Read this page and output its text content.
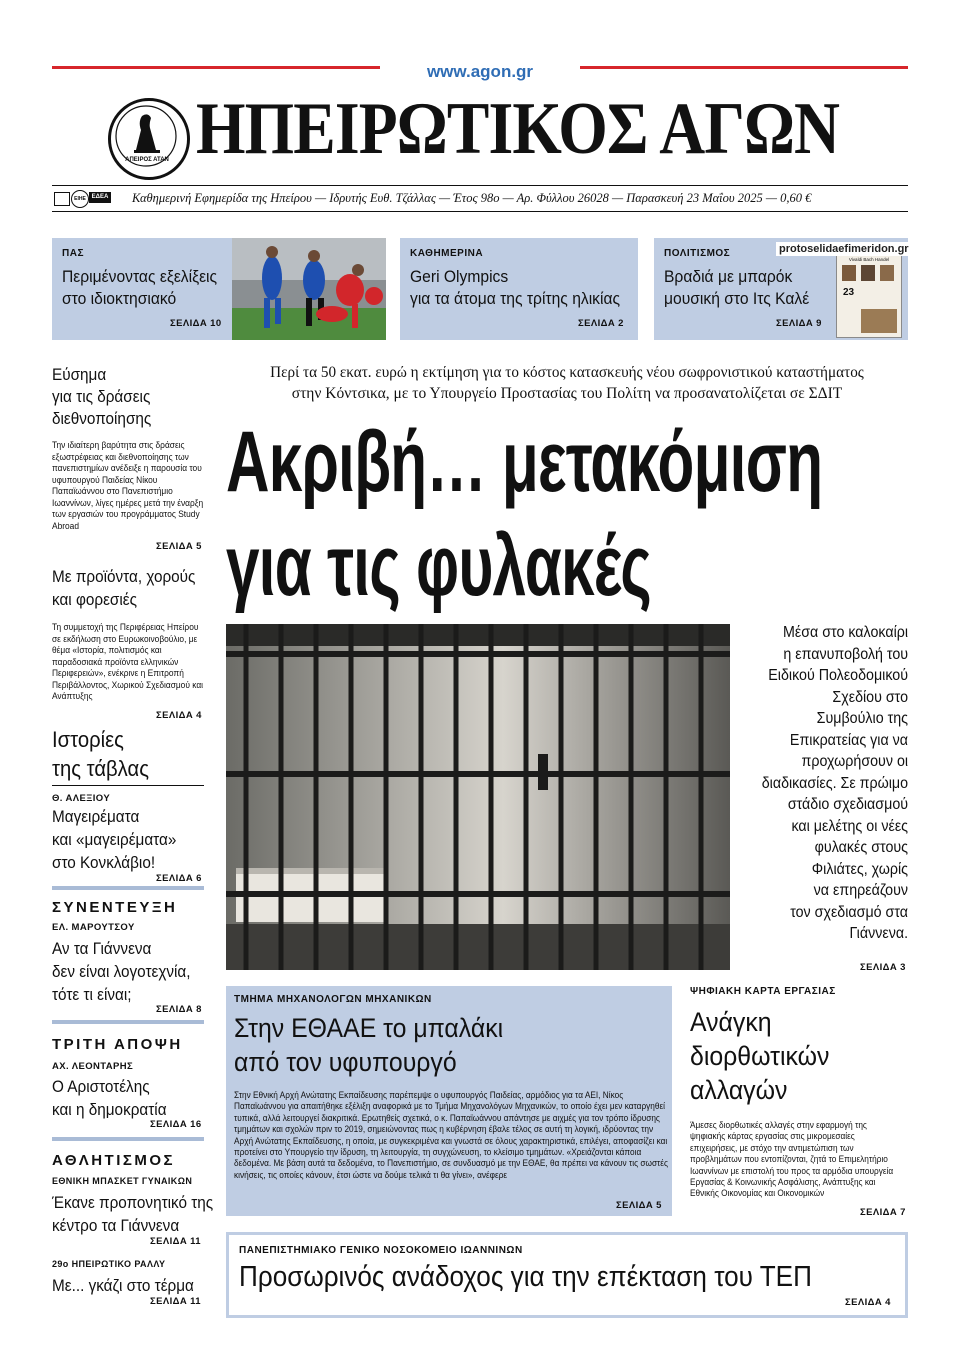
www.agon.gr
ΑΠΕΙΡΟΣ ΑΤΑΝ ΗΠΕΙΡΩΤΙΚΟΣ ΑΓΩΝ
ΕΙΗΕ ΕΔΕΑ Καθημερινή Εφημερίδα της Ηπείρου — Ιδρυτής Ευθ. Τζάλλας — Έτος 98ο — Αρ. Φύλλου 26028 — Παρασκευή 23 Μαΐου 2025 — 0,60 €
ΠΑΣ
Περιμένοντας εξελίξεις
στο ιδιοκτησιακό
ΣΕΛΙΔΑ 10
ΚΑΘΗΜΕΡΙΝΑ
Geri Olympics
για τα άτομα της τρίτης ηλικίας
ΣΕΛΙΔΑ 2
ΠΟΛΙΤΙΣΜΟΣ
Βραδιά με μπαρόκ
μουσική στο Ιτς Καλέ
ΣΕΛΙΔΑ 9
Vivaldi Bach Handel
23
protoselidaefimeridon.gr
Εύσημα
για τις δράσεις
διεθνοποίησης
Την ιδιαίτερη βαρύτητα στις δράσεις εξωστρέφειας και διεθνοποίησης των πανεπιστημίων ανέδειξε η παρουσία του υφυπουργού Παιδείας Νίκου Παπαϊωάννου στο Πανεπιστήμιο Ιωαννίνων, λίγες ημέρες μετά την έναρξη των εργασιών του προγράμματος Study Abroad
ΣΕΛΙΔΑ 5
Με προϊόντα, χορούς
και φορεσιές
Τη συμμετοχή της Περιφέρειας Ηπείρου σε εκδήλωση στο Ευρωκοινοβούλιο, με θέμα «Ιστορία, πολιτισμός και παραδοσιακά προϊόντα ελληνικών Περιφερειών», ενέκρινε η Επιτροπή Περιβάλλοντος, Χωρικού Σχεδιασμού και Ανάπτυξης
ΣΕΛΙΔΑ 4
Ιστορίες
της τάβλας
Θ. ΑΛΕΞΙΟΥ
Μαγειρέματα
και «μαγειρέματα»
στο Κονκλάβιο!
ΣΕΛΙΔΑ 6
ΣΥΝΕΝΤΕΥΞΗ
ΕΛ. ΜΑΡΟΥΤΣΟΥ
Αν τα Γιάννενα
δεν είναι λογοτεχνία,
τότε τι είναι;
ΣΕΛΙΔΑ 8
ΤΡΙΤΗ ΑΠΟΨΗ
ΑΧ. ΛΕΟΝΤΑΡΗΣ
Ο Αριστοτέλης
και η δημοκρατία
ΣΕΛΙΔΑ 16
ΑΘΛΗΤΙΣΜΟΣ
ΕΘΝΙΚΗ ΜΠΑΣΚΕΤ ΓΥΝΑΙΚΩΝ
Έκανε προπονητικό της
κέντρο τα Γιάννενα
ΣΕΛΙΔΑ 11
29ο ΗΠΕΙΡΩΤΙΚΟ ΡΑΛΛΥ
Με... γκάζι στο τέρμα
ΣΕΛΙΔΑ 11
Περί τα 50 εκατ. ευρώ η εκτίμηση για το κόστος κατασκευής νέου σωφρονιστικού καταστήματος
στην Κόντσικα, με το Υπουργείο Προστασίας του Πολίτη να προσανατολίζεται σε ΣΔΙΤ
Ακριβή… μετακόμιση
για τις φυλακές
Μέσα στο καλοκαίρι
η επανυποβολή του
Ειδικού Πολεοδομικού
Σχεδίου στο
Συμβούλιο της
Επικρατείας για να
προχωρήσουν οι
διαδικασίες. Σε πρώιμο
στάδιο σχεδιασμού
και μελέτης οι νέες
φυλακές στους
Φιλιάτες, χωρίς
να επηρεάζουν
τον σχεδιασμό στα
Γιάννενα.
ΣΕΛΙΔΑ 3
ΤΜΗΜΑ ΜΗΧΑΝΟΛΟΓΩΝ ΜΗΧΑΝΙΚΩΝ
Στην ΕΘΑΑΕ το μπαλάκι
από τον υφυπουργό
Στην Εθνική Αρχή Ανώτατης Εκπαίδευσης παρέπεμψε ο υφυπουργός Παιδείας, αρμόδιος για τα ΑΕΙ, Νίκος Παπαϊωάννου για απαιτήθηκε εξέλιξη αναφορικά με το Τμήμα Μηχανολόγων Μηχανικών, το οποίο έχει μεν καταργηθεί τυπικά, αλλά λειτουργεί διακριτικά. Ερωτηθείς σχετικά, ο κ. Παπαϊωάννου απάντησε με αιχμές για τον τρόπο ίδρυσης τμημάτων και σχολών πριν το 2019, σημειώνοντας πως η κυβέρνηση έβαλε τέλος σε αυτή τη λογική, ιδρύοντας την Αρχή Ανώτατης Εκπαίδευσης, η οποία, με συγκεκριμένα και γνωστά σε όλους χαρακτηριστικά, επιλέγει, αποφασίζει και προτείνει στο Υπουργείο την ίδρυση, τη λειτουργία, τη συγχώνευση, το κλείσιμο τμημάτων. «Χρειάζονται κάποια δεδομένα. Με βάση αυτά τα δεδομένα, το Πανεπιστήμιο, σε συνδυασμό με την ΕΘΑΕ, θα πρέπει να κάνουν τις σωστές κινήσεις, τις οποίες κάνουν, έτσι ώστε να δούμε τελικά τι θα γίνει», ανέφερε
ΣΕΛΙΔΑ 5
ΨΗΦΙΑΚΗ ΚΑΡΤΑ ΕΡΓΑΣΙΑΣ
Ανάγκη
διορθωτικών
αλλαγών
Άμεσες διορθωτικές αλλαγές στην εφαρμογή της ψηφιακής κάρτας εργασίας στις μικρομεσαίες επιχειρήσεις, με στόχο την αντιμετώπιση των προβλημάτων που εντοπίζονται, ζητά το Επιμελητήριο Ιωαννίνων με επιστολή του προς τα αρμόδια υπουργεία Εργασίας & Κοινωνικής Ασφάλισης, Ανάπτυξης και Εθνικής Οικονομίας και Οικονομικών
ΣΕΛΙΔΑ 7
ΠΑΝΕΠΙΣΤΗΜΙΑΚΟ ΓΕΝΙΚΟ ΝΟΣΟΚΟΜΕΙΟ ΙΩΑΝΝΙΝΩΝ
Προσωρινός ανάδοχος για την επέκταση του ΤΕΠ
ΣΕΛΙΔΑ 4
